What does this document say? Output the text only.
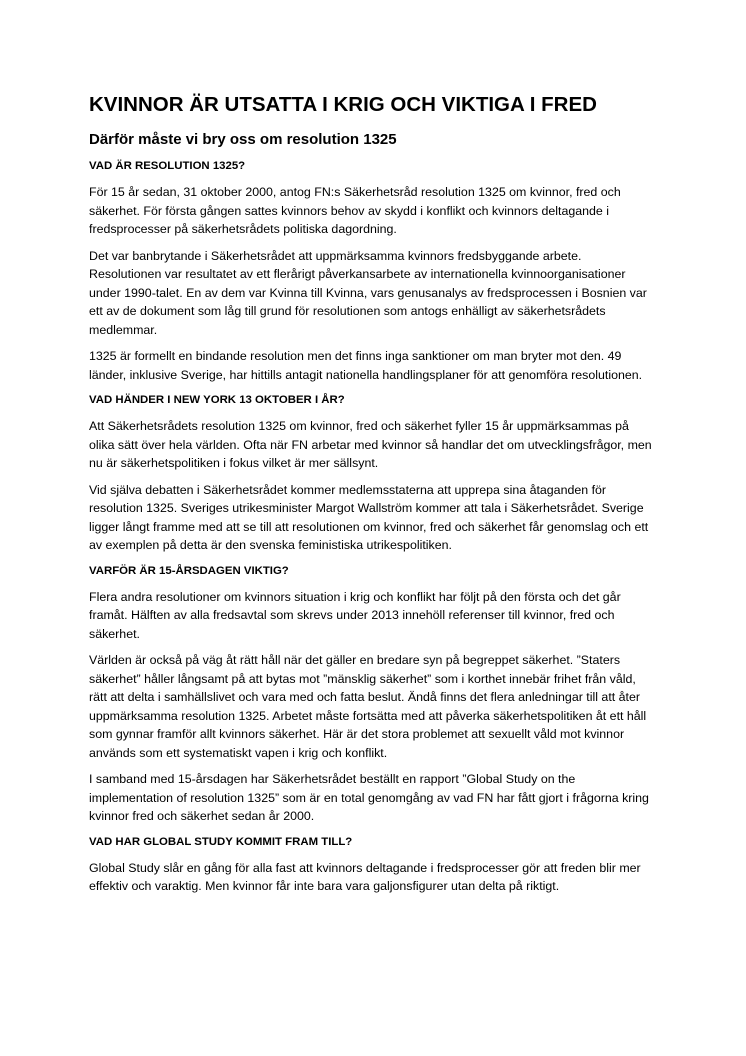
KVINNOR ÄR UTSATTA I KRIG OCH VIKTIGA I FRED
Därför måste vi bry oss om resolution 1325
VAD ÄR RESOLUTION 1325?

För 15 år sedan, 31 oktober 2000, antog FN:s Säkerhetsråd resolution 1325 om kvinnor, fred och säkerhet. För första gången sattes kvinnors behov av skydd i konflikt och kvinnors deltagande i fredsprocesser på säkerhetsrådets politiska dagordning.

Det var banbrytande i Säkerhetsrådet att uppmärksamma kvinnors fredsbyggande arbete. Resolutionen var resultatet av ett flerårigt påverkansarbete av internationella kvinnoorganisationer under 1990-talet. En av dem var Kvinna till Kvinna, vars genusanalys av fredsprocessen i Bosnien var ett av de dokument som låg till grund för resolutionen som antogs enhälligt av säkerhetsrådets medlemmar.

1325 är formellt en bindande resolution men det finns inga sanktioner om man bryter mot den. 49 länder, inklusive Sverige, har hittills antagit nationella handlingsplaner för att genomföra resolutionen.

VAD HÄNDER I NEW YORK 13 OKTOBER I ÅR?

Att Säkerhetsrådets resolution 1325 om kvinnor, fred och säkerhet fyller 15 år uppmärksammas på olika sätt över hela världen. Ofta när FN arbetar med kvinnor så handlar det om utvecklingsfrågor, men nu är säkerhetspolitiken i fokus vilket är mer sällsynt.

Vid själva debatten i Säkerhetsrådet kommer medlemsstaterna att upprepa sina åtaganden för resolution 1325. Sveriges utrikesminister Margot Wallström kommer att tala i Säkerhetsrådet. Sverige ligger långt framme med att se till att resolutionen om kvinnor, fred och säkerhet får genomslag och ett av exemplen på detta är den svenska feministiska utrikespolitiken.

VARFÖR ÄR 15-ÅRSDAGEN VIKTIG?

Flera andra resolutioner om kvinnors situation i krig och konflikt har följt på den första och det går framåt. Hälften av alla fredsavtal som skrevs under 2013 innehöll referenser till kvinnor, fred och säkerhet.

Världen är också på väg åt rätt håll när det gäller en bredare syn på begreppet säkerhet. ”Staters säkerhet” håller långsamt på att bytas mot ”mänsklig säkerhet” som i korthet innebär frihet från våld, rätt att delta i samhällslivet och vara med och fatta beslut. Ändå finns det flera anledningar till att åter uppmärksamma resolution 1325. Arbetet måste fortsätta med att påverka säkerhetspolitiken åt ett håll som gynnar framför allt kvinnors säkerhet. Här är det stora problemet att sexuellt våld mot kvinnor används som ett systematiskt vapen i krig och konflikt.

I samband med 15-årsdagen har Säkerhetsrådet beställt en rapport ”Global Study on the implementation of resolution 1325” som är en total genomgång av vad FN har fått gjort i frågorna kring kvinnor fred och säkerhet sedan år 2000.

VAD HAR GLOBAL STUDY KOMMIT FRAM TILL?

Global Study slår en gång för alla fast att kvinnors deltagande i fredsprocesser gör att freden blir mer effektiv och varaktig. Men kvinnor får inte bara vara galjonsfigurer utan delta på riktigt.
